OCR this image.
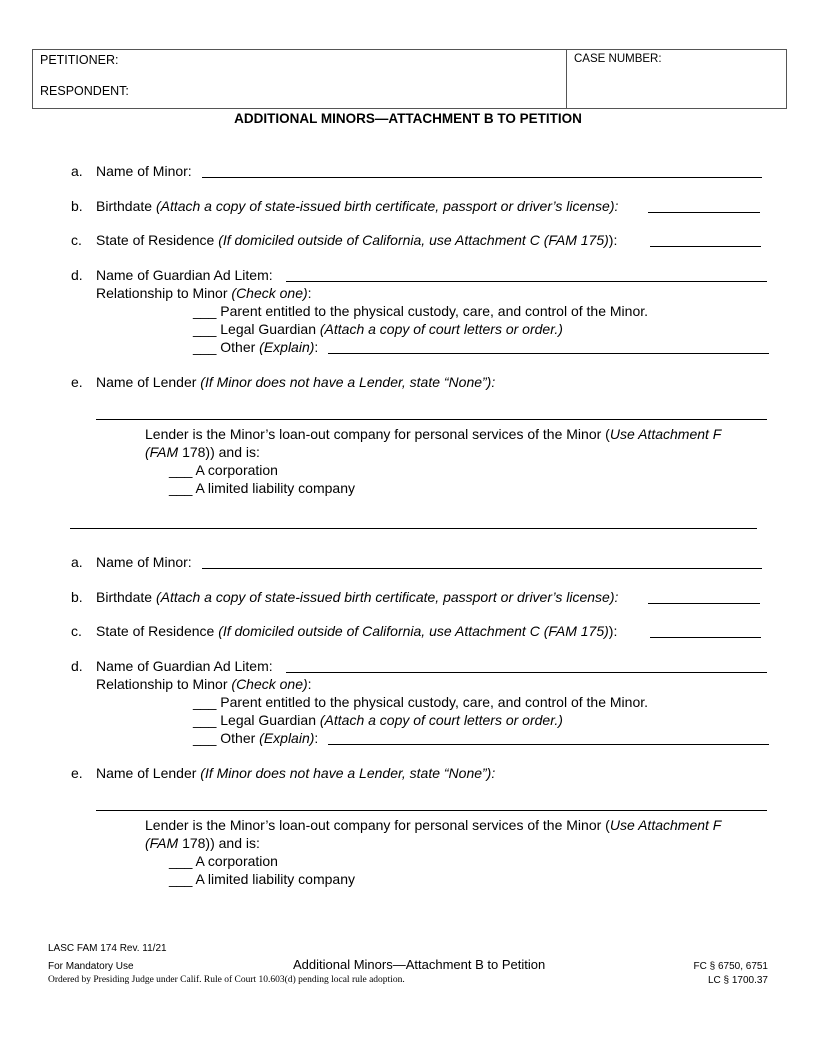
PETITIONER:
RESPONDENT:
CASE NUMBER:
ADDITIONAL MINORS—ATTACHMENT B TO PETITION
a. Name of Minor:
b. Birthdate (Attach a copy of state-issued birth certificate, passport or driver’s license):
c. State of Residence (If domiciled outside of California, use Attachment C (FAM 175)):
d. Name of Guardian Ad Litem:
Relationship to Minor (Check one):
___ Parent entitled to the physical custody, care, and control of the Minor.
___ Legal Guardian (Attach a copy of court letters or order.)
___ Other (Explain):
e. Name of Lender (If Minor does not have a Lender, state “None”):
Lender is the Minor’s loan-out company for personal services of the Minor (Use Attachment F
(FAM 178)) and is:
___ A corporation
___ A limited liability company
a. Name of Minor:
b. Birthdate (Attach a copy of state-issued birth certificate, passport or driver’s license):
c. State of Residence (If domiciled outside of California, use Attachment C (FAM 175)):
d. Name of Guardian Ad Litem:
Relationship to Minor (Check one):
___ Parent entitled to the physical custody, care, and control of the Minor.
___ Legal Guardian (Attach a copy of court letters or order.)
___ Other (Explain):
e. Name of Lender (If Minor does not have a Lender, state “None”):
Lender is the Minor’s loan-out company for personal services of the Minor (Use Attachment F
(FAM 178)) and is:
___ A corporation
___ A limited liability company
LASC FAM 174 Rev. 11/21
For Mandatory Use
Ordered by Presiding Judge under Calif. Rule of Court 10.603(d) pending local rule adoption.
Additional Minors—Attachment B to Petition	FC § 6750, 6751
LC § 1700.37
